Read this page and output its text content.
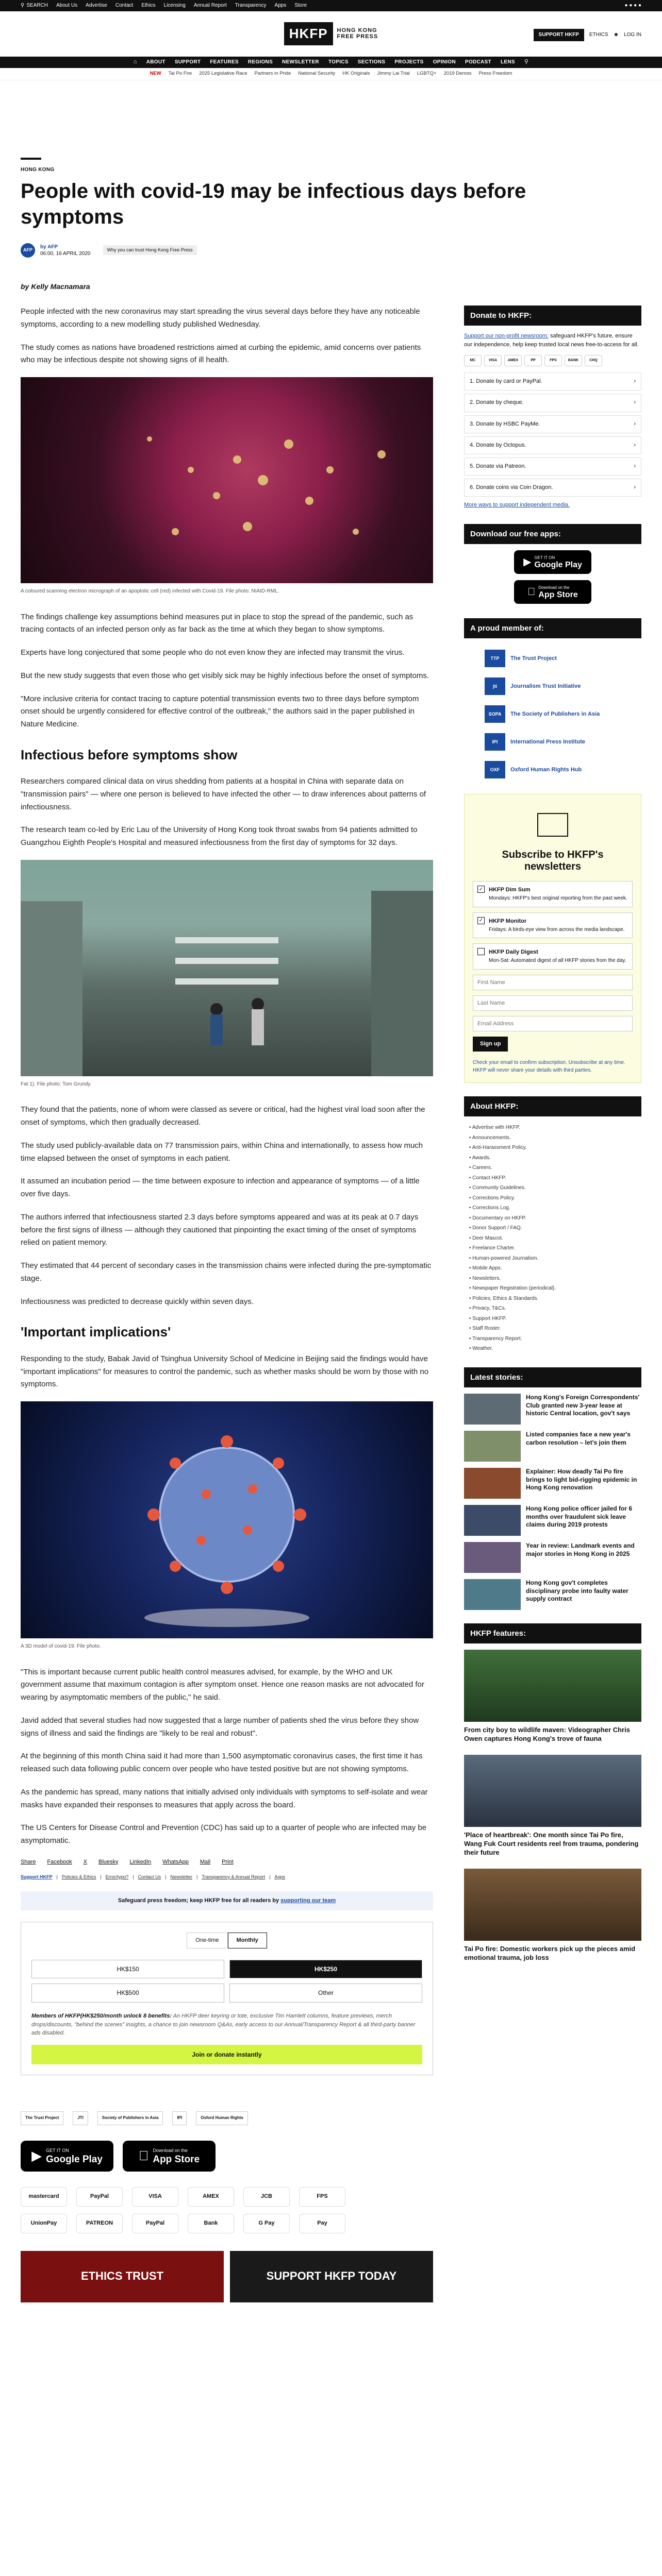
⚲ SEARCH About Us Advertise Contact Ethics Licensing Annual Report Transparency Apps Store	● ● ● ●
HKFP	HONG KONG
FREE PRESS	SUPPORT HKFP	ETHICS ☻ LOG IN
⌂ ABOUT SUPPORT FEATURES REGIONS NEWSLETTER TOPICS SECTIONS PROJECTS OPINION PODCAST LENS ⚲
NEW Tai Po Fire 2025 Legislative Race Partners in Pride National Security HK Originals Jimmy Lai Trial LGBTQ+ 2019 Demos Press Freedom
HONG KONG
People with covid-19 may be infectious days before symptoms
AFP
by AFP
06:00, 16 APRIL 2020
Why you can trust Hong Kong Free Press
by Kelly Macnamara

People infected with the new coronavirus may start spreading the virus several days before they have any noticeable symptoms, according to a new modelling study published Wednesday.

The study comes as nations have broadened restrictions aimed at curbing the epidemic, amid concerns over patients who may be infectious despite not showing signs of ill health.

A coloured scanning electron micrograph of an apoptotic cell (red) infected with Covid-19. File photo: NIAID-RML.

The findings challenge key assumptions behind measures put in place to stop the spread of the pandemic, such as tracing contacts of an infected person only as far back as the time at which they began to show symptoms.

Experts have long conjectured that some people who do not even know they are infected may transmit the virus.

But the new study suggests that even those who get visibly sick may be highly infectious before the onset of symptoms.

"More inclusive criteria for contact tracing to capture potential transmission events two to three days before symptom onset should be urgently considered for effective control of the outbreak," the authors said in the paper published in Nature Medicine.

Infectious before symptoms show

Researchers compared clinical data on virus shedding from patients at a hospital in China with separate data on "transmission pairs" — where one person is believed to have infected the other — to draw inferences about patterns of infectiousness.

The research team co-led by Eric Lau of the University of Hong Kong took throat swabs from 94 patients admitted to Guangzhou Eighth People's Hospital and measured infectiousness from the first day of symptoms for 32 days.

Fat 1). File photo: Tom Grundy.

They found that the patients, none of whom were classed as severe or critical, had the highest viral load soon after the onset of symptoms, which then gradually decreased.

The study used publicly-available data on 77 transmission pairs, within China and internationally, to assess how much time elapsed between the onset of symptoms in each patient.

It assumed an incubation period — the time between exposure to infection and appearance of symptoms — of a little over five days.

The authors inferred that infectiousness started 2.3 days before symptoms appeared and was at its peak at 0.7 days before the first signs of illness — although they cautioned that pinpointing the exact timing of the onset of symptoms relied on patient memory.

They estimated that 44 percent of secondary cases in the transmission chains were infected during the pre-symptomatic stage.

Infectiousness was predicted to decrease quickly within seven days.

'Important implications'

Responding to the study, Babak Javid of Tsinghua University School of Medicine in Beijing said the findings would have "important implications" for measures to control the pandemic, such as whether masks should be worn by those with no symptoms.

A 3D model of covid-19. File photo.

"This is important because current public health control measures advised, for example, by the WHO and UK government assume that maximum contagion is after symptom onset. Hence one reason masks are not advocated for wearing by asymptomatic members of the public," he said.

Javid added that several studies had now suggested that a large number of patients shed the virus before they show signs of illness and said the findings are "likely to be real and robust".

At the beginning of this month China said it had more than 1,500 asymptomatic coronavirus cases, the first time it has released such data following public concern over people who have tested positive but are not showing symptoms.

As the pandemic has spread, many nations that initially advised only individuals with symptoms to self-isolate and wear masks have expanded their responses to measures that apply across the board.

The US Centers for Disease Control and Prevention (CDC) has said up to a quarter of people who are infected may be asymptomatic.

Share Facebook X Bluesky LinkedIn WhatsApp Mail Print
Support HKFP | Policies & Ethics | Error/typo? | Contact Us | Newsletter | Transparency & Annual Report | Apps
Safeguard press freedom; keep HKFP free for all readers by supporting our team
One-time	Monthly
HK$150	HK$250
HK$500	Other
Members of HKFP(HK$250/month unlock 8 benefits: An HKFP deer keyring or tote, exclusive Tim Hamlett columns, feature previews, merch drops/discounts, "behind the scenes" insights, a chance to join newsroom Q&As, early access to our Annual/Transparency Report & all third-party banner ads disabled.
Join or donate instantly
The Trust Project	JTI	Society of Publishers in Asia	IPI	Oxford Human Rights
▶ GET IT ON
Google Play
Download on the
App Store
mastercard	PayPal	VISA	AMEX	JCB	FPS
UnionPay	PATREON	PayPal	Bank	G Pay	Pay
ETHICS TRUST	SUPPORT HKFP TODAY
Donate to HKFP:
Support our non-profit newsroom: safeguard HKFP's future, ensure our independence, help keep trusted local news free-to-access for all.
MC	VISA	AMEX	PP	FPS	BANK	CHQ
1. Donate by card or PayPal.	›
2. Donate by cheque.	›
3. Donate by HSBC PayMe.	›
4. Donate by Octopus.	›
5. Donate via Patreon.	›
6. Donate coins via Coin Dragon.	›
More ways to support independent media.
Download our free apps:
▶ GET IT ON
Google Play
Download on the
App Store
A proud member of:
TTP	The Trust Project
jti	Journalism Trust Initiative
SOPA	The Society of Publishers in Asia
IPI	International Press Institute
OXF	Oxford Human Rights Hub
Subscribe to HKFP's newsletters
✓ HKFP Dim Sum
Mondays: HKFP's best original reporting from the past week.
✓ HKFP Monitor
Fridays: A birds-eye view from across the media landscape.
HKFP Daily Digest
Mon-Sat: Automated digest of all HKFP stories from the day.
First Name Last Name Email Address Sign up
Check your email to confirm subscription. Unsubscribe at any time. HKFP will never share your details with third parties.
About HKFP:
• Advertise with HKFP.
• Announcements.
• Anti-Harassment Policy.
• Awards.
• Careers.
• Contact HKFP.
• Community Guidelines.
• Corrections Policy.
• Corrections Log.
• Documentary on HKFP.
• Donor Support / FAQ.
• Deer Mascot.
• Freelance Charter.
• Human-powered Journalism.
• Mobile Apps.
• Newsletters.
• Newspaper Registration (periodical).
• Policies, Ethics & Standards.
• Privacy, T&Cs.
• Support HKFP.
• Staff Roster.
• Transparency Report.
• Weather.
Latest stories:
Hong Kong's Foreign Correspondents' Club granted new 3-year lease at historic Central location, gov't says
Listed companies face a new year's carbon resolution – let's join them
Explainer: How deadly Tai Po fire brings to light bid-rigging epidemic in Hong Kong renovation
Hong Kong police officer jailed for 6 months over fraudulent sick leave claims during 2019 protests
Year in review: Landmark events and major stories in Hong Kong in 2025
Hong Kong gov't completes disciplinary probe into faulty water supply contract
HKFP features:
From city boy to wildlife maven: Videographer Chris Owen captures Hong Kong's trove of fauna
'Place of heartbreak': One month since Tai Po fire, Wang Fuk Court residents reel from trauma, pondering their future
Tai Po fire: Domestic workers pick up the pieces amid emotional trauma, job loss
